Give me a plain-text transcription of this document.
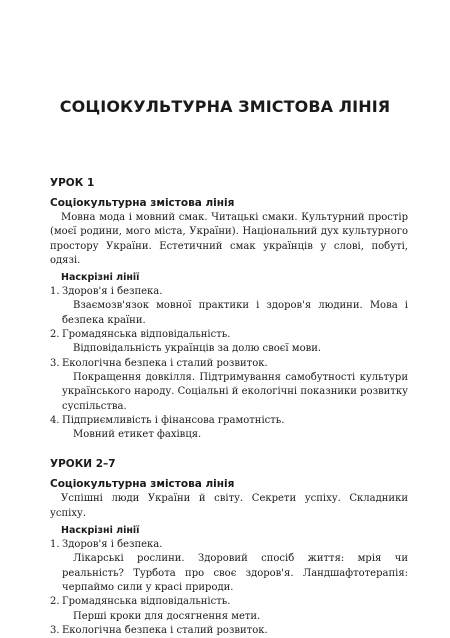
СОЦІОКУЛЬТУРНА ЗМІСТОВА ЛІНІЯ
УРОК 1
Соціокультурна змістова лінія

Мовна мода і мовний смак. Читацькі смаки. Культурний простір (моєї родини, мого міста, України). Національний дух культурного простору України. Естетичний смак українців у слові, побуті, одязі.

Наскрізні лінії
1. Здоров'я і безпека.

Взаємозв'язок мовної практики і здоров'я людини. Мова і безпека країни.

2. Громадянська відповідальність.

Відповідальність українців за долю своєї мови.

3. Екологічна безпека і сталий розвиток.

Покращення довкілля. Підтримування самобутності культури українського народу. Соціальні й екологічні показники розвитку суспільства.

4. Підприємливість і фінансова грамотність.

Мовний етикет фахівця.

УРОКИ 2–7
Соціокультурна змістова лінія

Успішні люди України й світу. Секрети успіху. Складники успіху.

Наскрізні лінії
1. Здоров'я і безпека.

Лікарські рослини. Здоровий спосіб життя: мрія чи реальність? Турбота про своє здоров'я. Ландшафтотерапія: черпаймо сили у красі природи.

2. Громадянська відповідальність.

Перші кроки для досягнення мети.

3. Екологічна безпека і сталий розвиток.
